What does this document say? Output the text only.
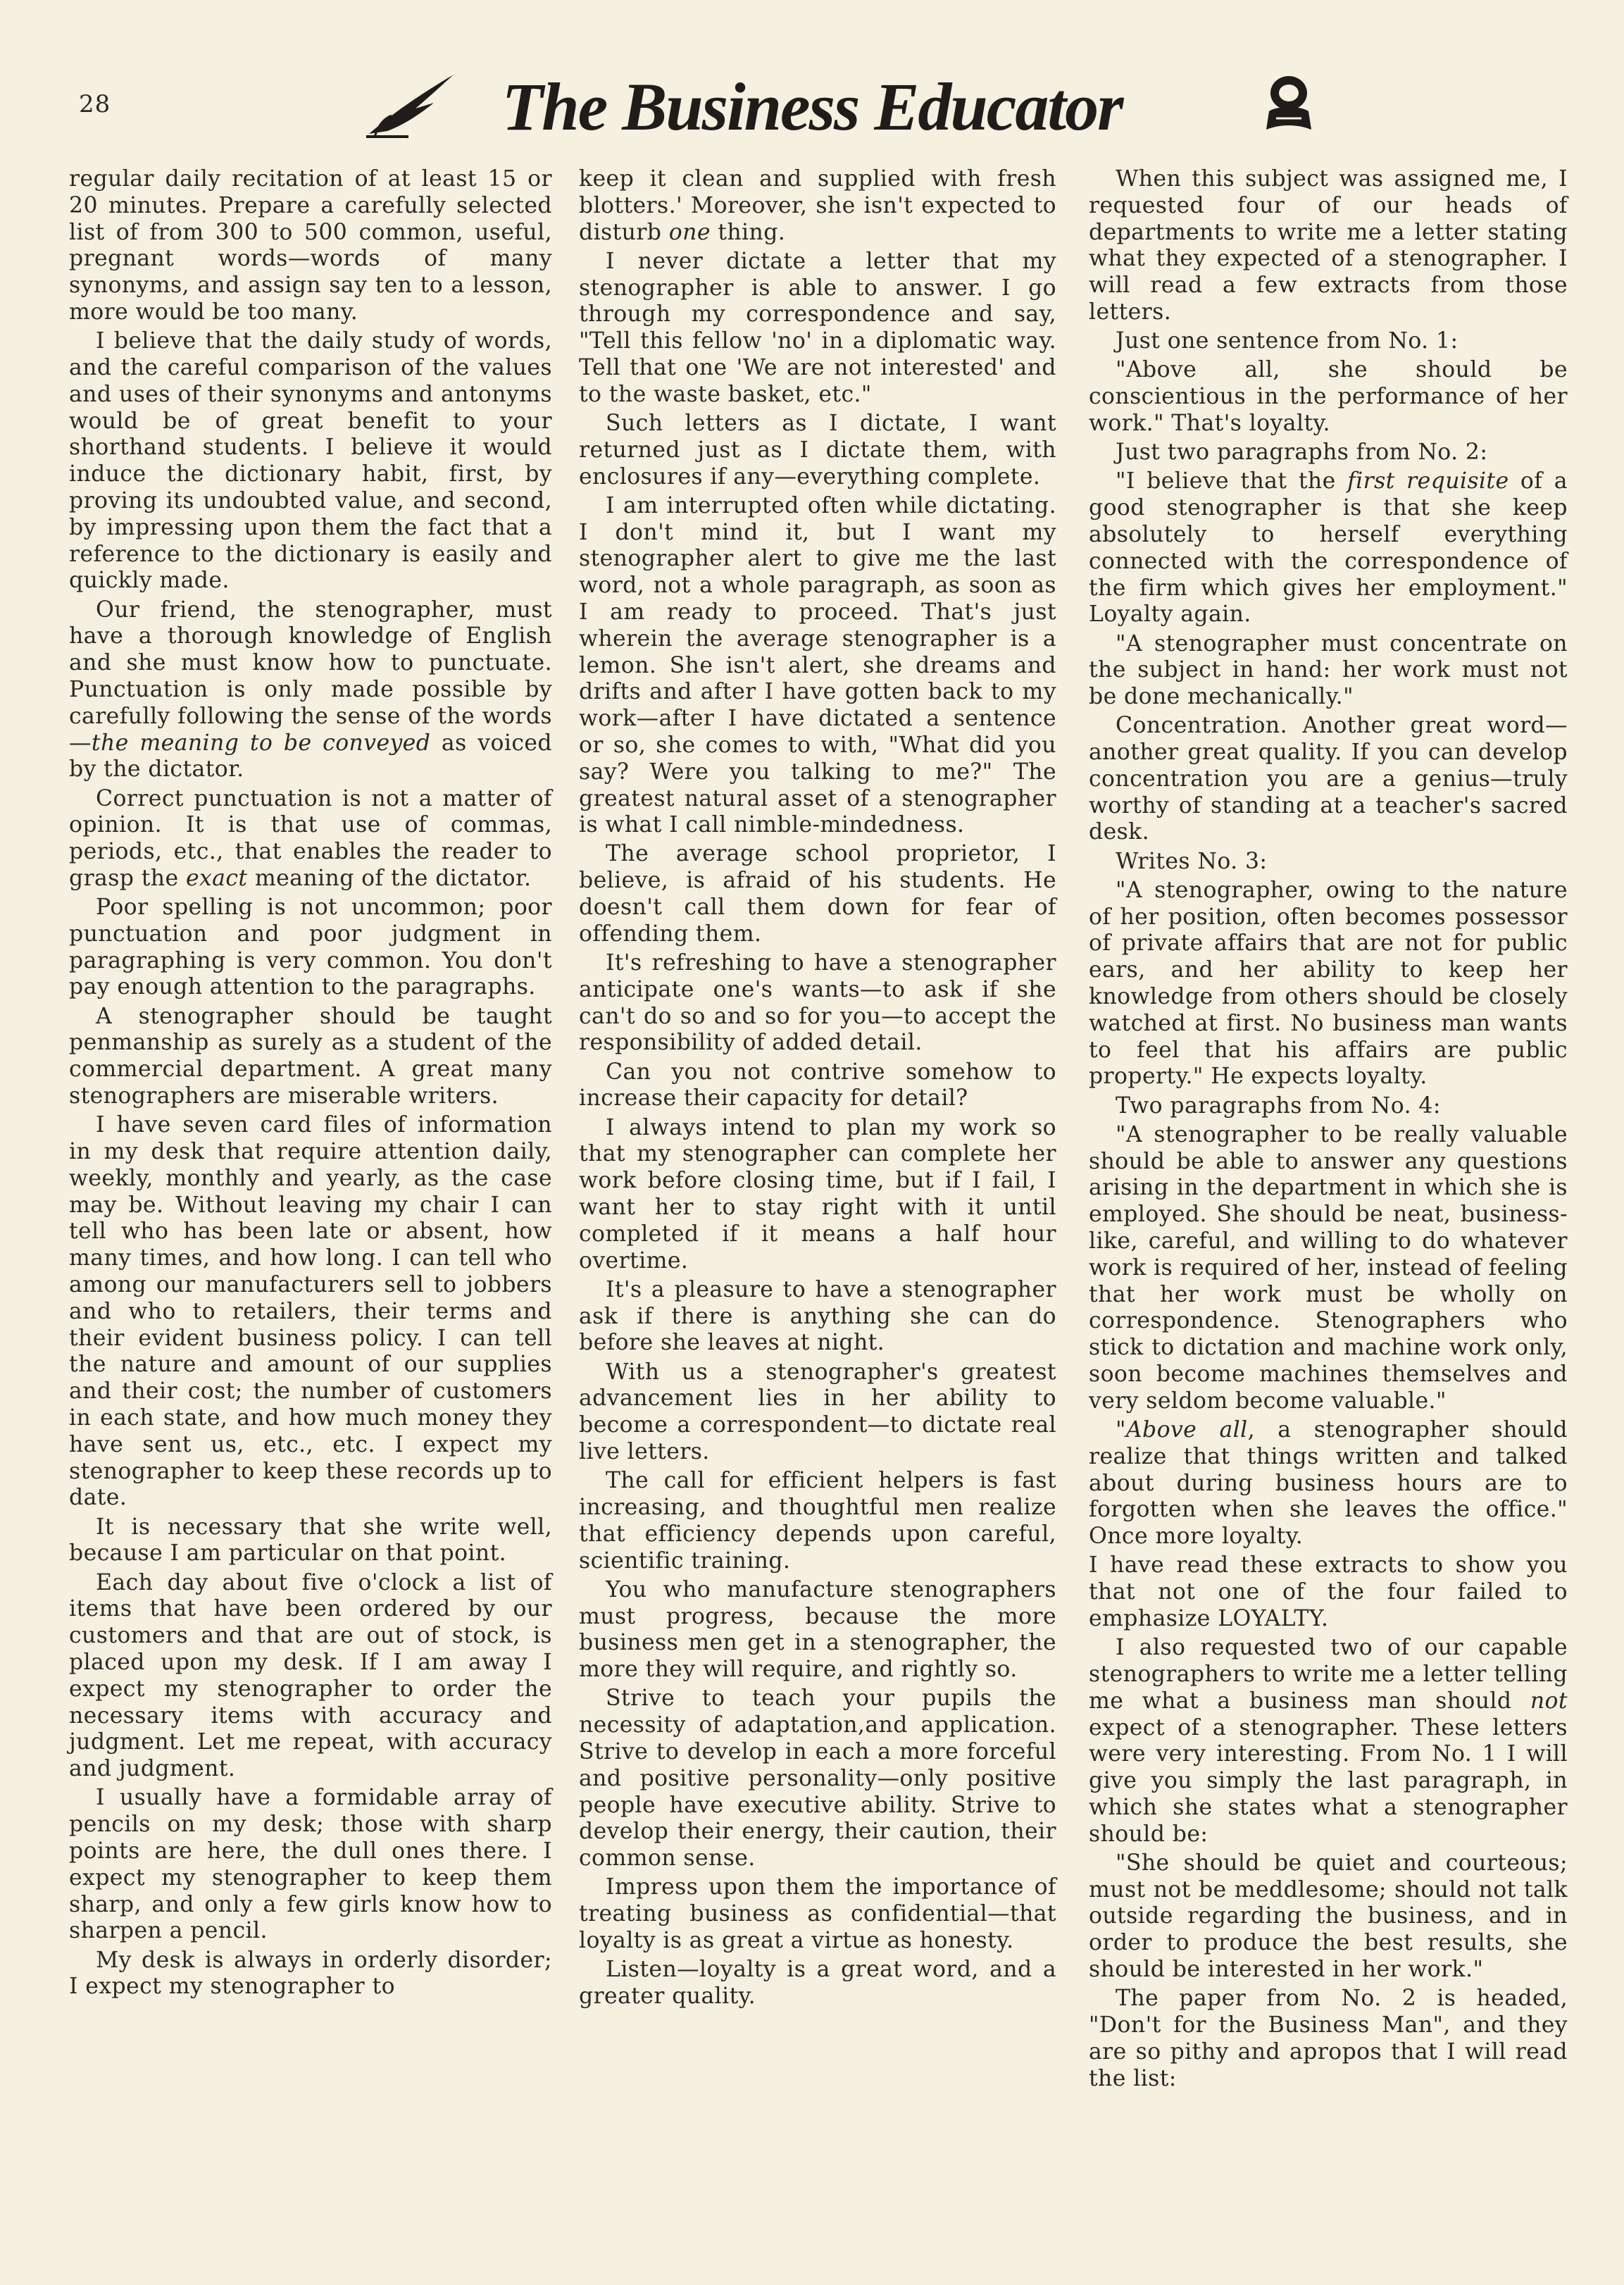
28	The Business Educator

regular daily recitation of at least 15 or 20 minutes. Prepare a carefully selected list of from 300 to 500 common, useful, pregnant words—words of many synonyms, and assign say ten to a lesson, more would be too many.

I believe that the daily study of words, and the careful comparison of the values and uses of their synonyms and antonyms would be of great benefit to your shorthand students. I believe it would induce the dictionary habit, first, by proving its undoubted value, and second, by impressing upon them the fact that a reference to the dictionary is easily and quickly made.

Our friend, the stenographer, must have a thorough knowledge of English and she must know how to punctuate. Punctuation is only made possible by carefully following the sense of the words—the meaning to be conveyed as voiced by the dictator.

Correct punctuation is not a matter of opinion. It is that use of commas, periods, etc., that enables the reader to grasp the exact meaning of the dictator.

Poor spelling is not uncommon; poor punctuation and poor judgment in paragraphing is very common. You don't pay enough attention to the paragraphs.

A stenographer should be taught penmanship as surely as a student of the commercial department. A great many stenographers are miserable writers.

I have seven card files of information in my desk that require attention daily, weekly, monthly and yearly, as the case may be. Without leaving my chair I can tell who has been late or absent, how many times, and how long. I can tell who among our manufacturers sell to jobbers and who to retailers, their terms and their evident business policy. I can tell the nature and amount of our supplies and their cost; the number of customers in each state, and how much money they have sent us, etc., etc. I expect my stenographer to keep these records up to date.

It is necessary that she write well, because I am particular on that point.

Each day about five o'clock a list of items that have been ordered by our customers and that are out of stock, is placed upon my desk. If I am away I expect my stenographer to order the necessary items with accuracy and judgment. Let me repeat, with accuracy and judgment.

I usually have a formidable array of pencils on my desk; those with sharp points are here, the dull ones there. I expect my stenographer to keep them sharp, and only a few girls know how to sharpen a pencil.

My desk is always in orderly disorder; I expect my stenographer to

keep it clean and supplied with fresh blotters.' Moreover, she isn't expected to disturb one thing.

I never dictate a letter that my stenographer is able to answer. I go through my correspondence and say, "Tell this fellow 'no' in a diplomatic way. Tell that one 'We are not interested' and to the waste basket, etc."

Such letters as I dictate, I want returned just as I dictate them, with enclosures if any—everything complete.

I am interrupted often while dictating. I don't mind it, but I want my stenographer alert to give me the last word, not a whole paragraph, as soon as I am ready to proceed. That's just wherein the average stenographer is a lemon. She isn't alert, she dreams and drifts and after I have gotten back to my work—after I have dictated a sentence or so, she comes to with, "What did you say? Were you talking to me?" The greatest natural asset of a stenographer is what I call nimble-mindedness.

The average school proprietor, I believe, is afraid of his students. He doesn't call them down for fear of offending them.

It's refreshing to have a stenographer anticipate one's wants—to ask if she can't do so and so for you—to accept the responsibility of added detail.

Can you not contrive somehow to increase their capacity for detail?

I always intend to plan my work so that my stenographer can complete her work before closing time, but if I fail, I want her to stay right with it until completed if it means a half hour overtime.

It's a pleasure to have a stenographer ask if there is anything she can do before she leaves at night.

With us a stenographer's greatest advancement lies in her ability to become a correspondent—to dictate real live letters.

The call for efficient helpers is fast increasing, and thoughtful men realize that efficiency depends upon careful, scientific training.

You who manufacture stenographers must progress, because the more business men get in a stenographer, the more they will require, and rightly so.

Strive to teach your pupils the necessity of adaptation,and application. Strive to develop in each a more forceful and positive personality—only positive people have executive ability. Strive to develop their energy, their caution, their common sense.

Impress upon them the importance of treating business as confidential—that loyalty is as great a virtue as honesty.

Listen—loyalty is a great word, and a greater quality.

When this subject was assigned me, I requested four of our heads of departments to write me a letter stating what they expected of a stenographer. I will read a few extracts from those letters.

Just one sentence from No. 1:

"Above all, she should be conscientious in the performance of her work." That's loyalty.

Just two paragraphs from No. 2:

"I believe that the first requisite of a good stenographer is that she keep absolutely to herself everything connected with the correspondence of the firm which gives her employment." Loyalty again.

"A stenographer must concentrate on the subject in hand: her work must not be done mechanically."

Concentration. Another great word—another great quality. If you can develop concentration you are a genius—truly worthy of standing at a teacher's sacred desk.

Writes No. 3:

"A stenographer, owing to the nature of her position, often becomes possessor of private affairs that are not for public ears, and her ability to keep her knowledge from others should be closely watched at first. No business man wants to feel that his affairs are public property." He expects loyalty.

Two paragraphs from No. 4:

"A stenographer to be really valuable should be able to answer any questions arising in the department in which she is employed. She should be neat, business-like, careful, and willing to do whatever work is required of her, instead of feeling that her work must be wholly on correspondence. Stenographers who stick to dictation and machine work only, soon become machines themselves and very seldom become valuable."

"Above all, a stenographer should realize that things written and talked about during business hours are to forgotten when she leaves the office." Once more loyalty.

I have read these extracts to show you that not one of the four failed to emphasize LOYALTY.

I also requested two of our capable stenographers to write me a letter telling me what a business man should not expect of a stenographer. These letters were very interesting. From No. 1 I will give you simply the last paragraph, in which she states what a stenographer should be:

"She should be quiet and courteous; must not be meddlesome; should not talk outside regarding the business, and in order to produce the best results, she should be interested in her work."

The paper from No. 2 is headed, "Don't for the Business Man", and they are so pithy and apropos that I will read the list:
